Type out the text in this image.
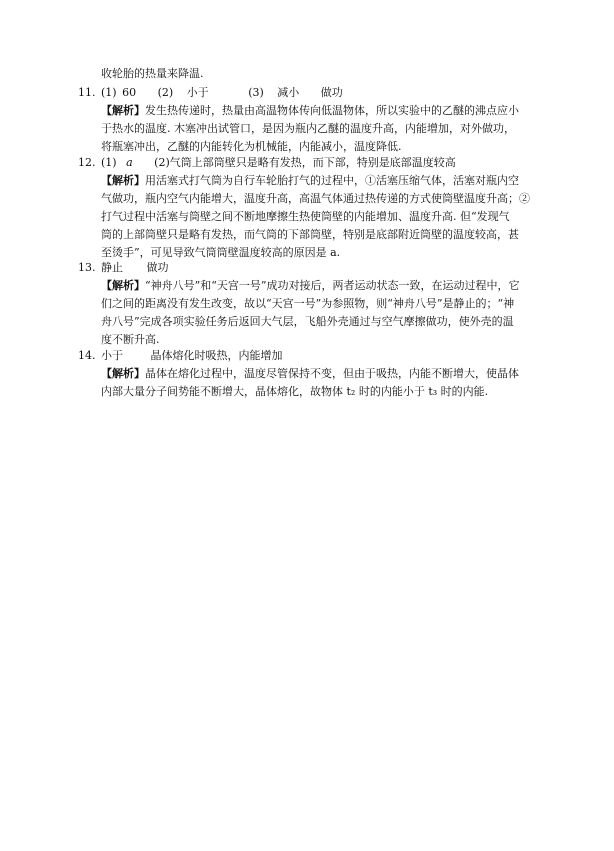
收轮胎的热量来降温.
11. (1) 60 (2) 小于	(3) 减小 做功
【解析】发生热传递时，热量由高温物体传向低温物体，所以实验中的乙醚的沸点应小
于热水的温度. 木塞冲出试管口，是因为瓶内乙醚的温度升高，内能增加，对外做功，
将瓶塞冲出，乙醚的内能转化为机械能，内能减小，温度降低.
12. (1) a (2)气筒上部筒壁只是略有发热，而下部，特别是底部温度较高
【解析】用活塞式打气筒为自行车轮胎打气的过程中，①活塞压缩气体，活塞对瓶内空
气做功，瓶内空气内能增大，温度升高，高温气体通过热传递的方式使筒壁温度升高；②
打气过程中活塞与筒壁之间不断地摩擦生热使筒壁的内能增加、温度升高. 但“发现气
筒的上部筒壁只是略有发热，而气筒的下部筒壁，特别是底部附近筒壁的温度较高，甚
至烫手”，可见导致气筒筒壁温度较高的原因是 a.
13. 静止 做功
【解析】“神舟八号”和“天宫一号”成功对接后，两者运动状态一致，在运动过程中，它
们之间的距离没有发生改变，故以“天宫一号”为参照物，则“神舟八号”是静止的；“神
舟八号”完成各项实验任务后返回大气层，飞船外壳通过与空气摩擦做功，使外壳的温
度不断升高.
14. 小于	晶体熔化时吸热，内能增加
【解析】晶体在熔化过程中，温度尽管保持不变，但由于吸热，内能不断增大，使晶体
内部大量分子间势能不断增大，晶体熔化，故物体 t₂ 时的内能小于 t₃ 时的内能.
